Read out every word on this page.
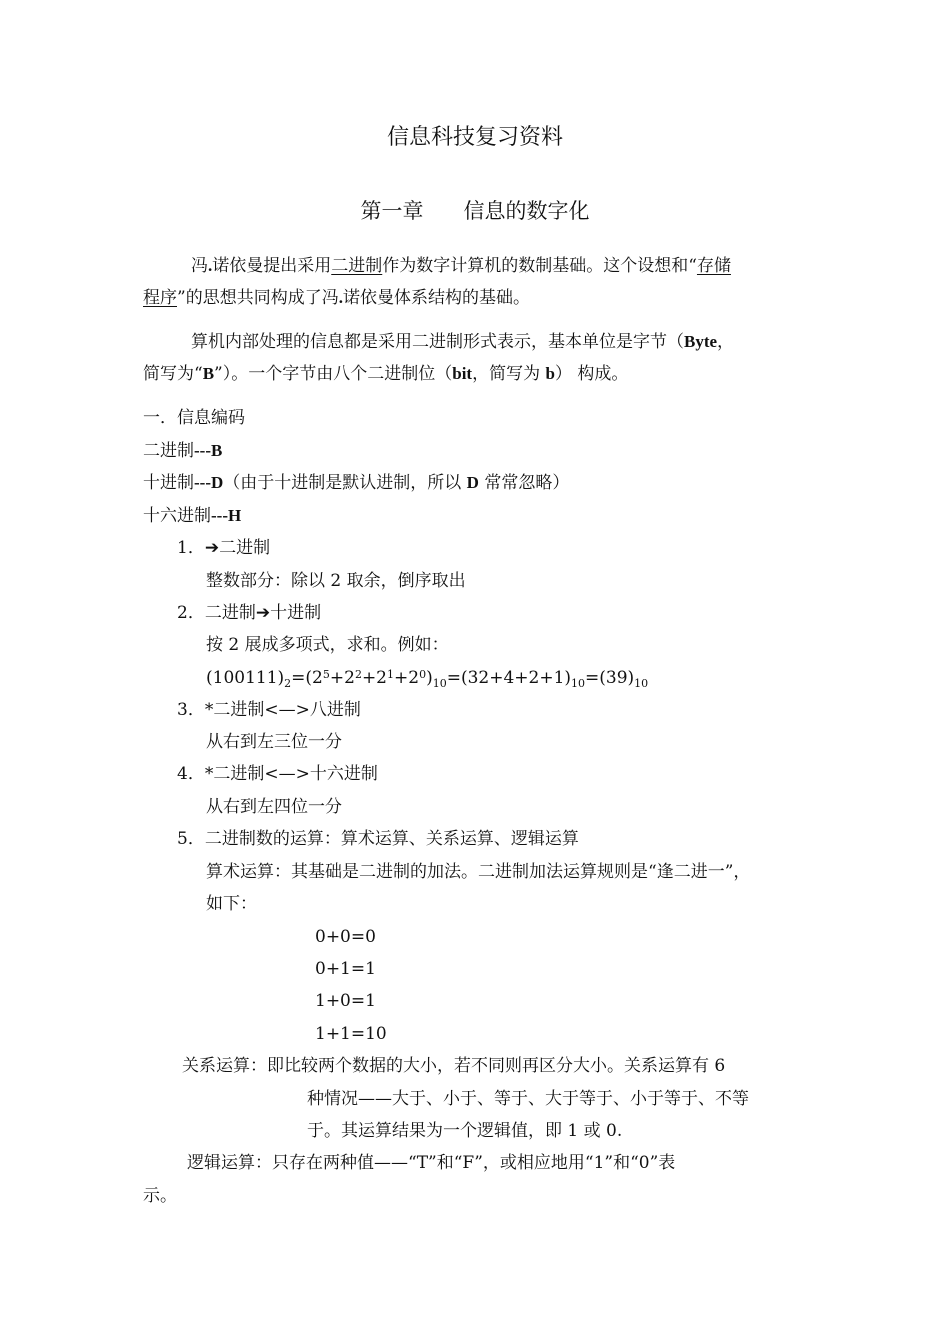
信息科技复习资料
第一章 信息的数字化
冯.诺依曼提出采用二进制作为数字计算机的数制基础。这个设想和“存储
程序”的思想共同构成了冯.诺依曼体系结构的基础。
算机内部处理的信息都是采用二进制形式表示，基本单位是字节（Byte，
简写为“B”）。一个字节由八个二进制位（bit，简写为 b） 构成。
一．信息编码
二进制---B
十进制---D（由于十进制是默认进制，所以 D 常常忽略）
十六进制---H
1．➔二进制
整数部分：除以 2 取余，倒序取出
2．二进制➔十进制
按 2 展成多项式，求和。例如：
$(100111)_2=(2^5+2^2+2^1+2^0)_{10}=(32+4+2+1)_{10}=(39)_{10}$
3．*二进制<—>八进制
从右到左三位一分
4．*二进制<—>十六进制
从右到左四位一分
5．二进制数的运算：算术运算、关系运算、逻辑运算
算术运算：其基础是二进制的加法。二进制加法运算规则是“逢二进一”，
如下：
0+0=0
0+1=1
1+0=1
1+1=10
关系运算：即比较两个数据的大小，若不同则再区分大小。关系运算有 6
种情况——大于、小于、等于、大于等于、小于等于、不等
于。其运算结果为一个逻辑值，即 1 或 0.
逻辑运算：只存在两种值——“T”和“F”，或相应地用“1”和“0”表
示。
